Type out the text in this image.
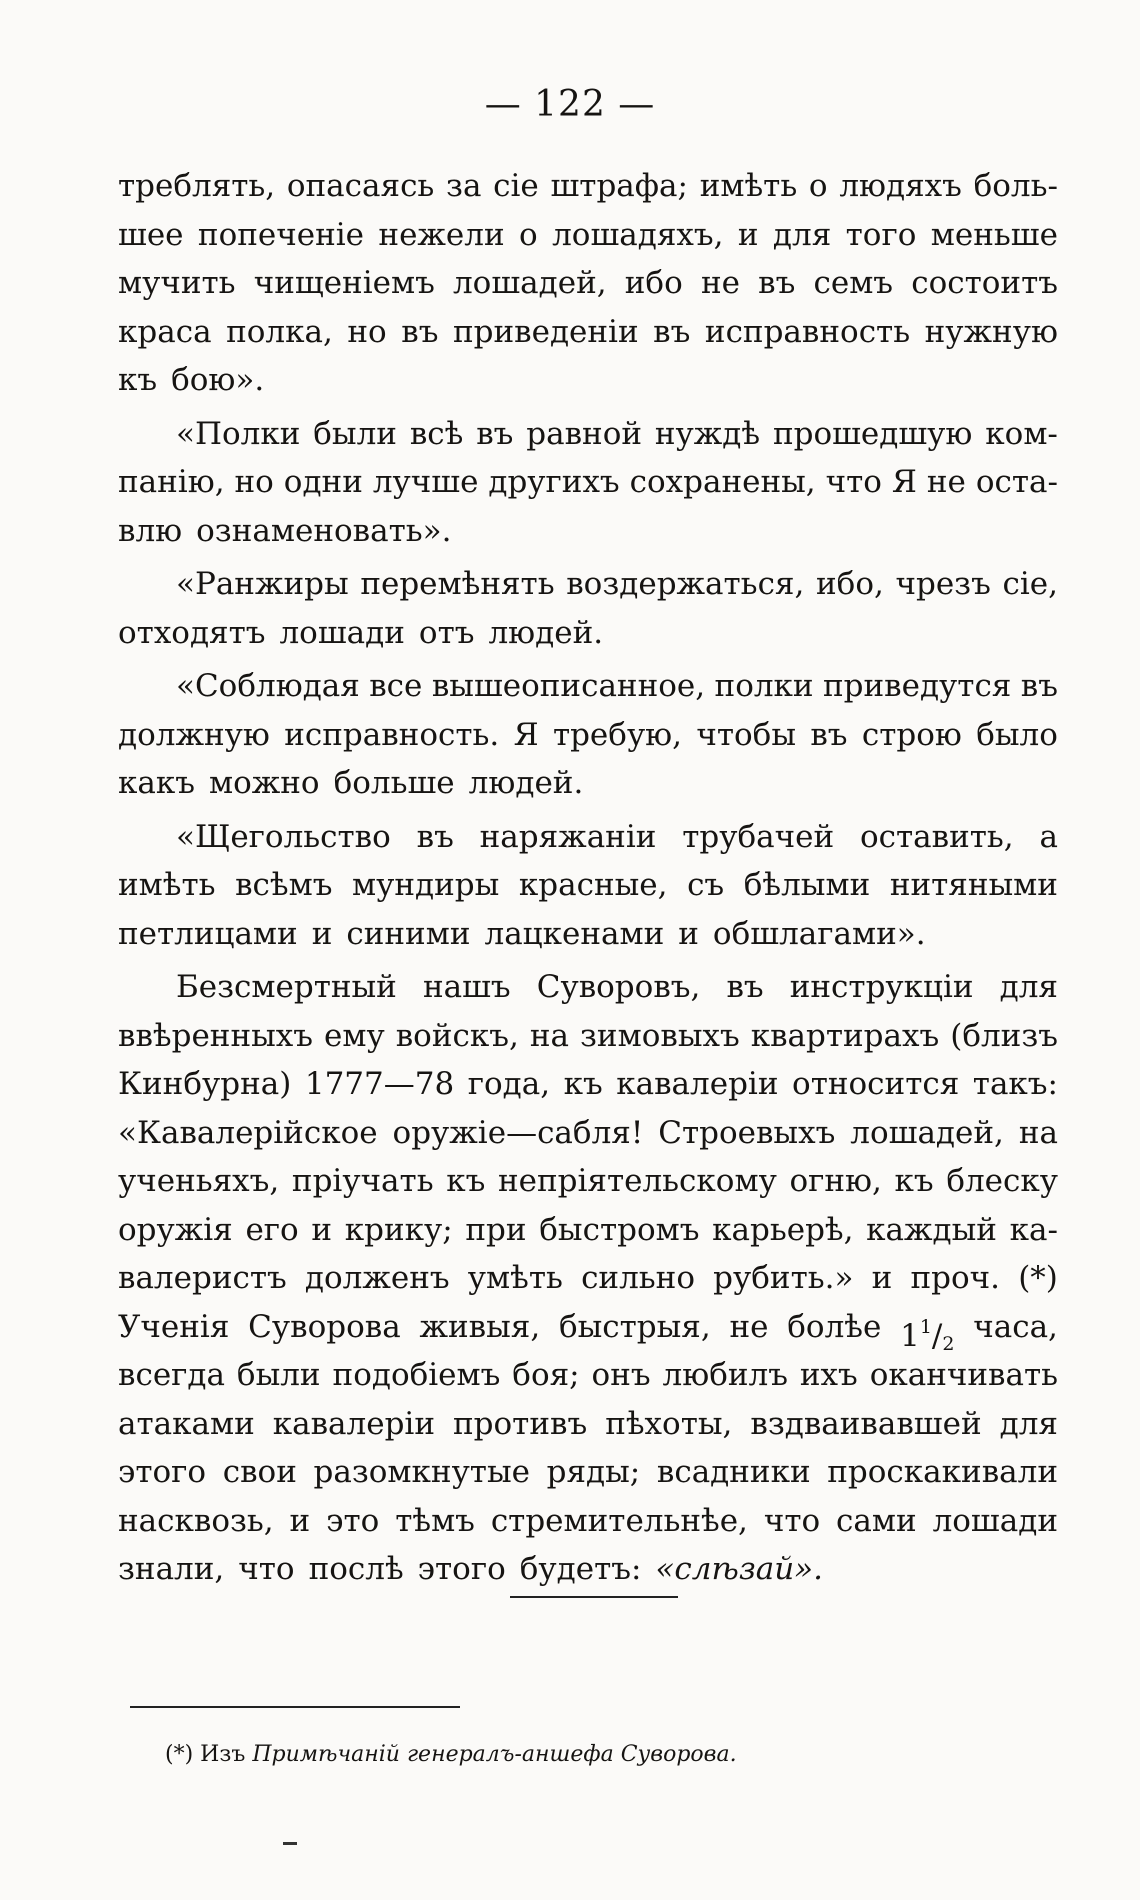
— 122 —
треблять, опасаясь за сіе штрафа; имѣть о людяхъ боль-
шее попеченіе нежели о лошадяхъ, и для того меньше
мучить чищеніемъ лошадей, ибо не въ семъ состоитъ
краса полка, но въ приведеніи въ исправность нужную
къ бою».
«Полки были всѣ въ равной нуждѣ прошедшую ком-
панію, но одни лучше другихъ сохранены, что Я не оста-
влю ознаменовать».
«Ранжиры перемѣнять воздержаться, ибо, чрезъ сіе,
отходятъ лошади отъ людей.
«Соблюдая все вышеописанное, полки приведутся въ
должную исправность. Я требую, чтобы въ строю было
какъ можно больше людей.
«Щегольство въ наряжаніи трубачей оставить, а
имѣть всѣмъ мундиры красные, съ бѣлыми нитяными
петлицами и синими лацкенами и обшлагами».
Безсмертный нашъ Суворовъ, въ инструкціи для
ввѣренныхъ ему войскъ, на зимовыхъ квартирахъ (близъ
Кинбурна) 1777—78 года, къ кавалеріи относится такъ:
«Кавалерійское оружіе—сабля! Строевыхъ лошадей, на
ученьяхъ, пріучать къ непріятельскому огню, къ блеску
оружія его и крику; при быстромъ карьерѣ, каждый ка-
валеристъ долженъ умѣть сильно рубить.» и проч. (*)
Ученія Суворова живыя, быстрыя, не болѣе $1^1/_2$ часа,
всегда были подобіемъ боя; онъ любилъ ихъ оканчивать
атаками кавалеріи противъ пѣхоты, вздваивавшей для
этого свои разомкнутые ряды; всадники проскакивали
насквозь, и это тѣмъ стремительнѣе, что сами лошади
знали, что послѣ этого будетъ: «слѣзай».
(*) Изъ Примѣчаній генералъ-аншефа Суворова.
